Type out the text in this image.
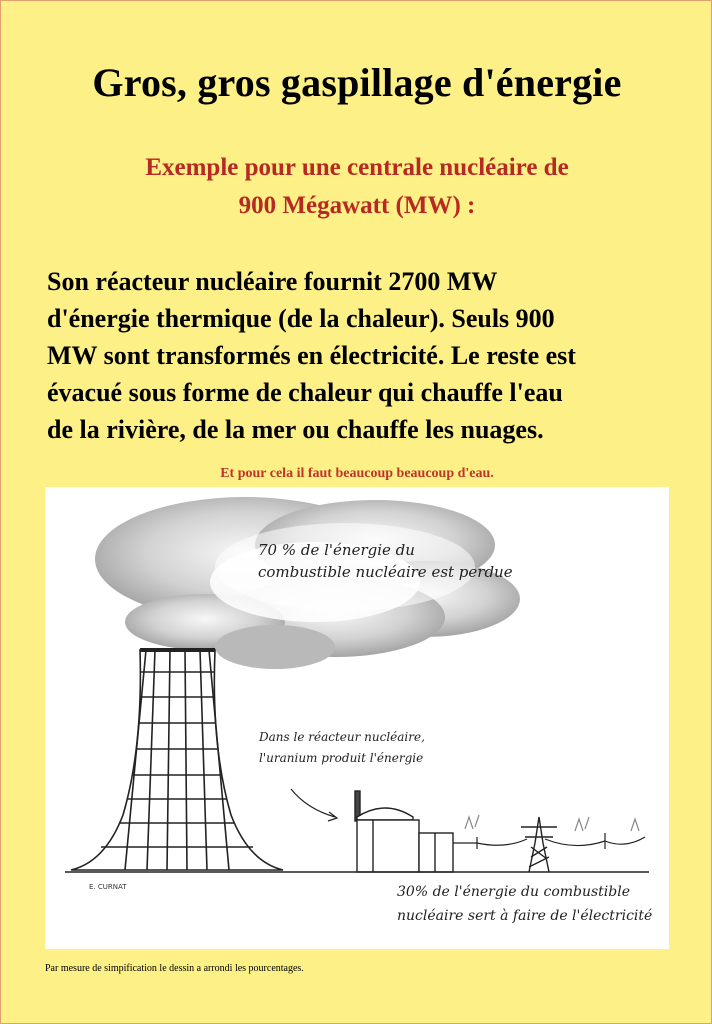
Gros, gros gaspillage d'énergie
Exemple pour une centrale nucléaire de
900 Mégawatt (MW) :
Son réacteur nucléaire fournit 2700 MW
d'énergie thermique (de la chaleur). Seuls 900
MW sont transformés en électricité. Le reste est
évacué sous forme de chaleur qui chauffe l'eau
de la rivière, de la mer ou chauffe les nuages.
Et pour cela il faut beaucoup beaucoup d'eau.
70 % de l'énergie du
combustible nucléaire est perdue
Dans le réacteur nucléaire,
l'uranium produit l'énergie
30% de l'énergie du combustible
nucléaire sert à faire de l'électricité
E. CURNAT
Par mesure de simpification le dessin a arrondi les pourcentages.
